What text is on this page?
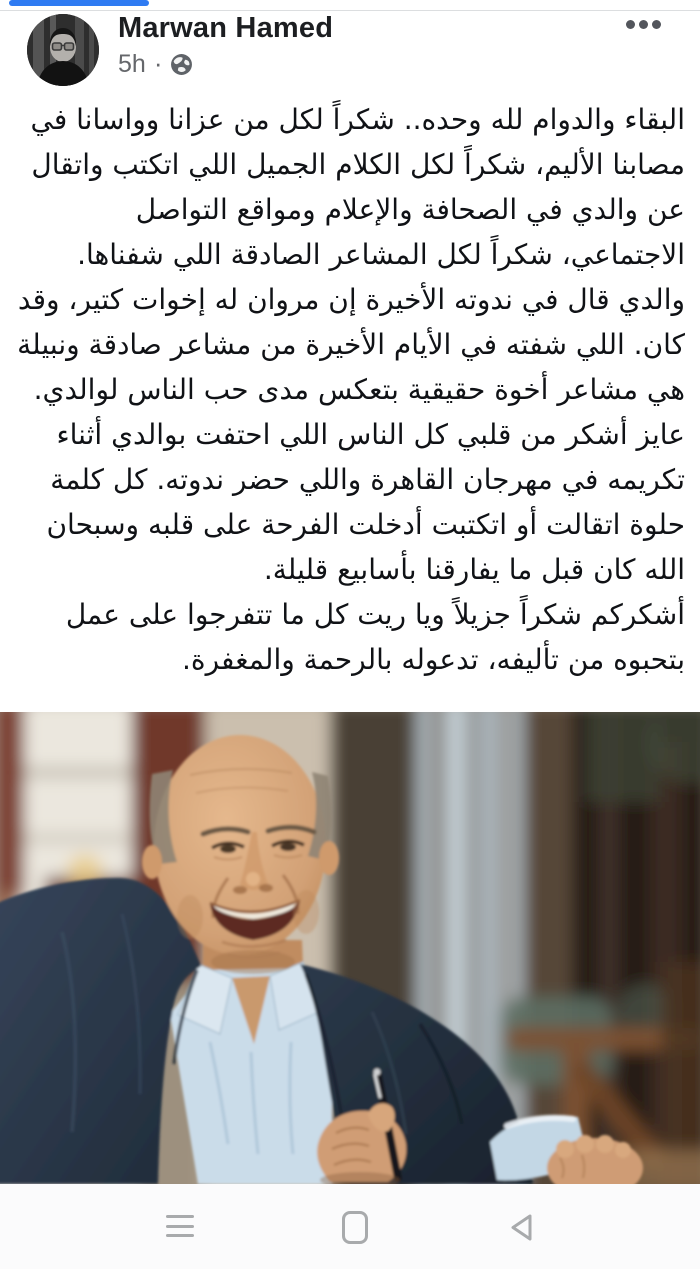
Marwan Hamed
5h ·

البقاء والدوام لله وحده.. شكراً لكل من عزانا وواسانا في مصابنا الأليم، شكراً لكل الكلام الجميل اللي اتكتب واتقال عن والدي في الصحافة والإعلام ومواقع التواصل الاجتماعي، شكراً لكل المشاعر الصادقة اللي شفناها.

والدي قال في ندوته الأخيرة إن مروان له إخوات كتير، وقد كان. اللي شفته في الأيام الأخيرة من مشاعر صادقة ونبيلة هي مشاعر أخوة حقيقية بتعكس مدى حب الناس لوالدي.

عايز أشكر من قلبي كل الناس اللي احتفت بوالدي أثناء تكريمه في مهرجان القاهرة واللي حضر ندوته. كل كلمة حلوة اتقالت أو اتكتبت أدخلت الفرحة على قلبه وسبحان الله كان قبل ما يفارقنا بأسابيع قليلة.

أشكركم شكراً جزيلاً ويا ريت كل ما تتفرجوا على عمل بتحبوه من تأليفه، تدعوله بالرحمة والمغفرة.
